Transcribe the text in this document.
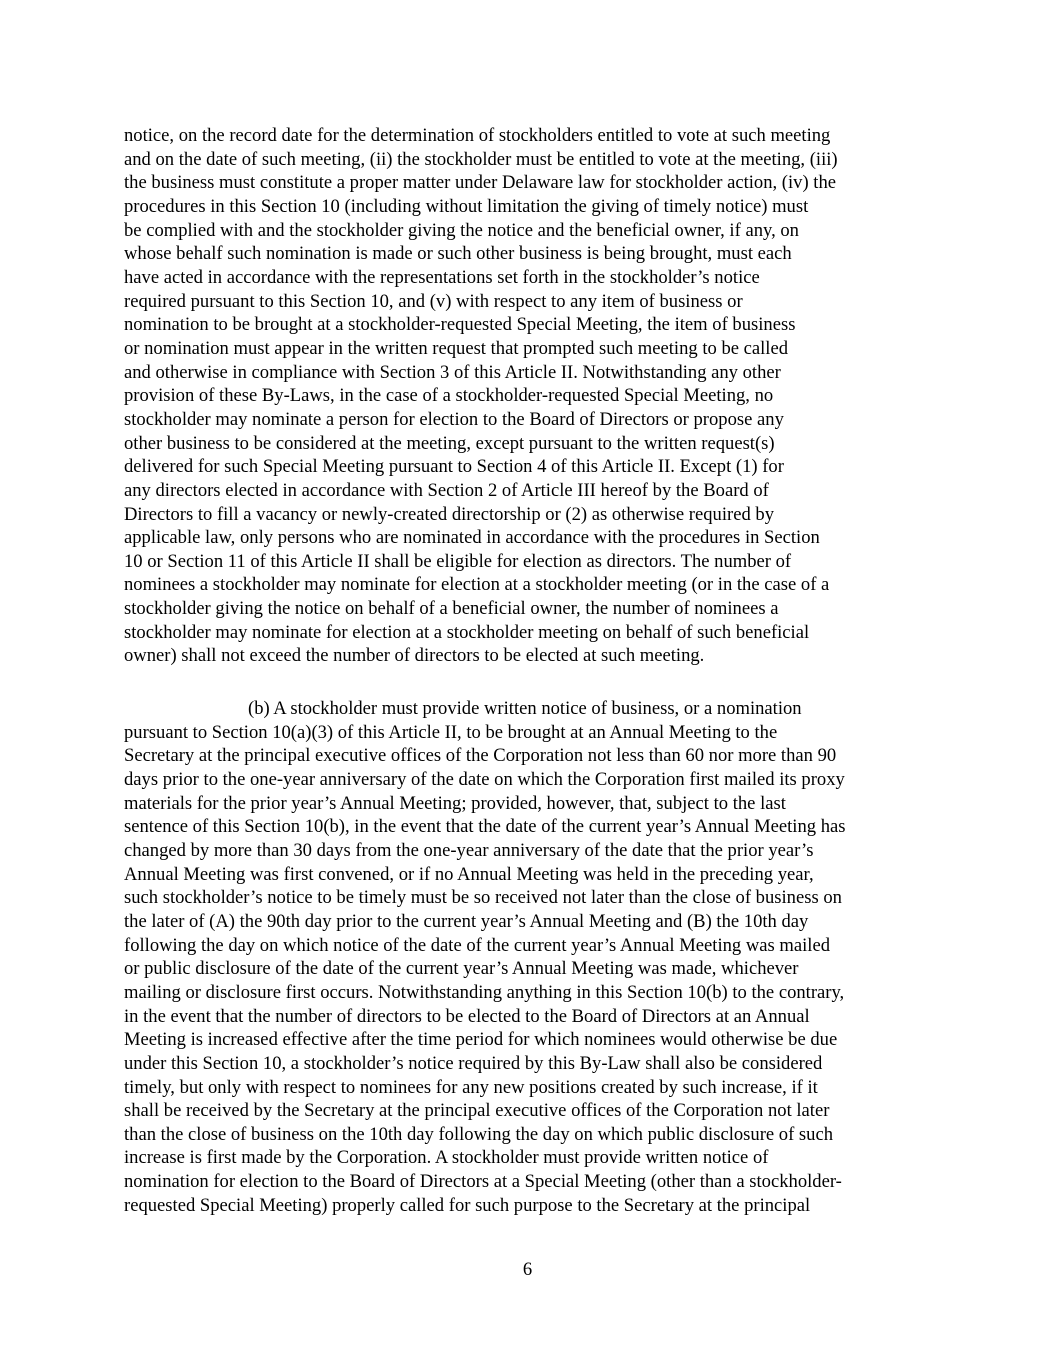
notice, on the record date for the determination of stockholders entitled to vote at such meeting
and on the date of such meeting, (ii) the stockholder must be entitled to vote at the meeting, (iii)
the business must constitute a proper matter under Delaware law for stockholder action, (iv) the
procedures in this Section 10 (including without limitation the giving of timely notice) must
be complied with and the stockholder giving the notice and the beneficial owner, if any, on
whose behalf such nomination is made or such other business is being brought, must each
have acted in accordance with the representations set forth in the stockholder’s notice
required pursuant to this Section 10, and (v) with respect to any item of business or
nomination to be brought at a stockholder-requested Special Meeting, the item of business
or nomination must appear in the written request that prompted such meeting to be called
and otherwise in compliance with Section 3 of this Article II. Notwithstanding any other
provision of these By-Laws, in the case of a stockholder-requested Special Meeting, no
stockholder may nominate a person for election to the Board of Directors or propose any
other business to be considered at the meeting, except pursuant to the written request(s)
delivered for such Special Meeting pursuant to Section 4 of this Article II. Except (1) for
any directors elected in accordance with Section 2 of Article III hereof by the Board of
Directors to fill a vacancy or newly-created directorship or (2) as otherwise required by
applicable law, only persons who are nominated in accordance with the procedures in Section
10 or Section 11 of this Article II shall be eligible for election as directors. The number of
nominees a stockholder may nominate for election at a stockholder meeting (or in the case of a
stockholder giving the notice on behalf of a beneficial owner, the number of nominees a
stockholder may nominate for election at a stockholder meeting on behalf of such beneficial
owner) shall not exceed the number of directors to be elected at such meeting.

(b) A stockholder must provide written notice of business, or a nomination
pursuant to Section 10(a)(3) of this Article II, to be brought at an Annual Meeting to the
Secretary at the principal executive offices of the Corporation not less than 60 nor more than 90
days prior to the one-year anniversary of the date on which the Corporation first mailed its proxy
materials for the prior year’s Annual Meeting; provided, however, that, subject to the last
sentence of this Section 10(b), in the event that the date of the current year’s Annual Meeting has
changed by more than 30 days from the one-year anniversary of the date that the prior year’s
Annual Meeting was first convened, or if no Annual Meeting was held in the preceding year,
such stockholder’s notice to be timely must be so received not later than the close of business on
the later of (A) the 90th day prior to the current year’s Annual Meeting and (B) the 10th day
following the day on which notice of the date of the current year’s Annual Meeting was mailed
or public disclosure of the date of the current year’s Annual Meeting was made, whichever
mailing or disclosure first occurs. Notwithstanding anything in this Section 10(b) to the contrary,
in the event that the number of directors to be elected to the Board of Directors at an Annual
Meeting is increased effective after the time period for which nominees would otherwise be due
under this Section 10, a stockholder’s notice required by this By-Law shall also be considered
timely, but only with respect to nominees for any new positions created by such increase, if it
shall be received by the Secretary at the principal executive offices of the Corporation not later
than the close of business on the 10th day following the day on which public disclosure of such
increase is first made by the Corporation. A stockholder must provide written notice of
nomination for election to the Board of Directors at a Special Meeting (other than a stockholder-
requested Special Meeting) properly called for such purpose to the Secretary at the principal

6
